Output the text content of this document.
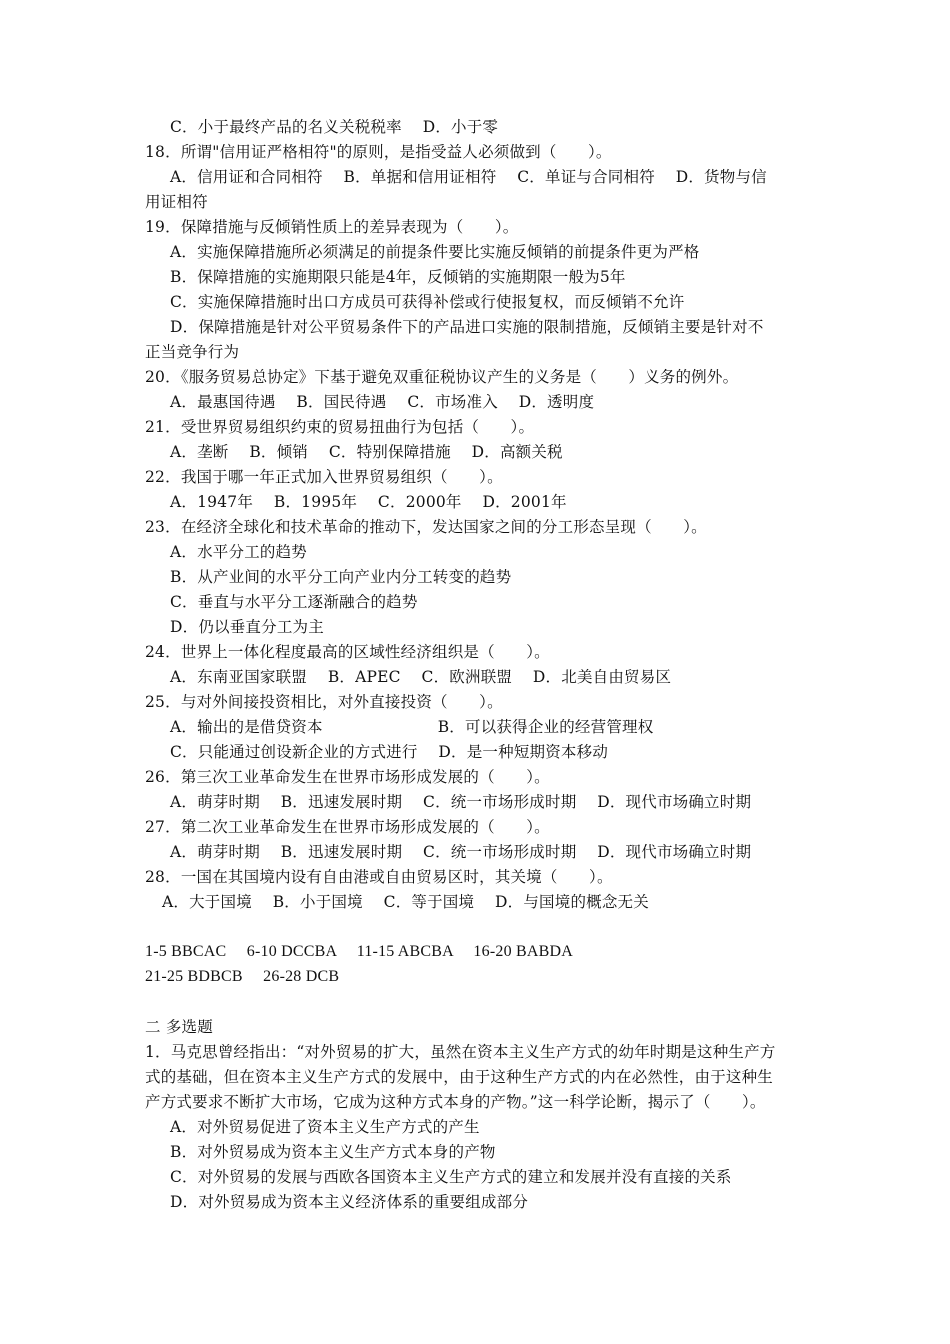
C．小于最终产品的名义关税税率　 D．小于零
18．所谓"信用证严格相符"的原则，是指受益人必须做到（　　）。
A．信用证和合同相符　 B．单据和信用证相符　 C．单证与合同相符　 D．货物与信
用证相符
19．保障措施与反倾销性质上的差异表现为（　　）。
A．实施保障措施所必须满足的前提条件要比实施反倾销的前提条件更为严格
B．保障措施的实施期限只能是4年，反倾销的实施期限一般为5年
C．实施保障措施时出口方成员可获得补偿或行使报复权，而反倾销不允许
D．保障措施是针对公平贸易条件下的产品进口实施的限制措施，反倾销主要是针对不
正当竞争行为
20．《服务贸易总协定》下基于避免双重征税协议产生的义务是（　　）义务的例外。
A．最惠国待遇　 B．国民待遇　 C．市场准入　 D．透明度
21．受世界贸易组织约束的贸易扭曲行为包括（　　）。
A．垄断　 B．倾销　 C．特别保障措施　 D．高额关税
22．我国于哪一年正式加入世界贸易组织（　　）。
A．1947年　 B．1995年　 C．2000年　 D．2001年
23．在经济全球化和技术革命的推动下，发达国家之间的分工形态呈现（　　）。
A．水平分工的趋势
B．从产业间的水平分工向产业内分工转变的趋势
C．垂直与水平分工逐渐融合的趋势
D．仍以垂直分工为主
24．世界上一体化程度最高的区域性经济组织是（　　）。
A．东南亚国家联盟　 B．APEC　 C．欧洲联盟　 D．北美自由贸易区
25．与对外间接投资相比，对外直接投资（　　）。
A．输出的是借贷资本　　　　　　　 B．可以获得企业的经营管理权
C．只能通过创设新企业的方式进行　 D．是一种短期资本移动
26．第三次工业革命发生在世界市场形成发展的（　　）。
A．萌芽时期　 B．迅速发展时期　 C．统一市场形成时期　 D．现代市场确立时期
27．第二次工业革命发生在世界市场形成发展的（　　）。
A．萌芽时期　 B．迅速发展时期　 C．统一市场形成时期　 D．现代市场确立时期
28．一国在其国境内设有自由港或自由贸易区时，其关境（　　）。
A．大于国境　 B．小于国境　 C．等于国境　 D．与国境的概念无关
1-5 BBCAC　 6-10 DCCBA　 11-15 ABCBA　 16-20 BABDA
21-25 BDBCB　 26-28 DCB
二 多选题
1．马克思曾经指出：“对外贸易的扩大，虽然在资本主义生产方式的幼年时期是这种生产方
式的基础，但在资本主义生产方式的发展中，由于这种生产方式的内在必然性，由于这种生
产方式要求不断扩大市场，它成为这种方式本身的产物。”这一科学论断，揭示了（　　）。
A．对外贸易促进了资本主义生产方式的产生
B．对外贸易成为资本主义生产方式本身的产物
C．对外贸易的发展与西欧各国资本主义生产方式的建立和发展并没有直接的关系
D．对外贸易成为资本主义经济体系的重要组成部分
